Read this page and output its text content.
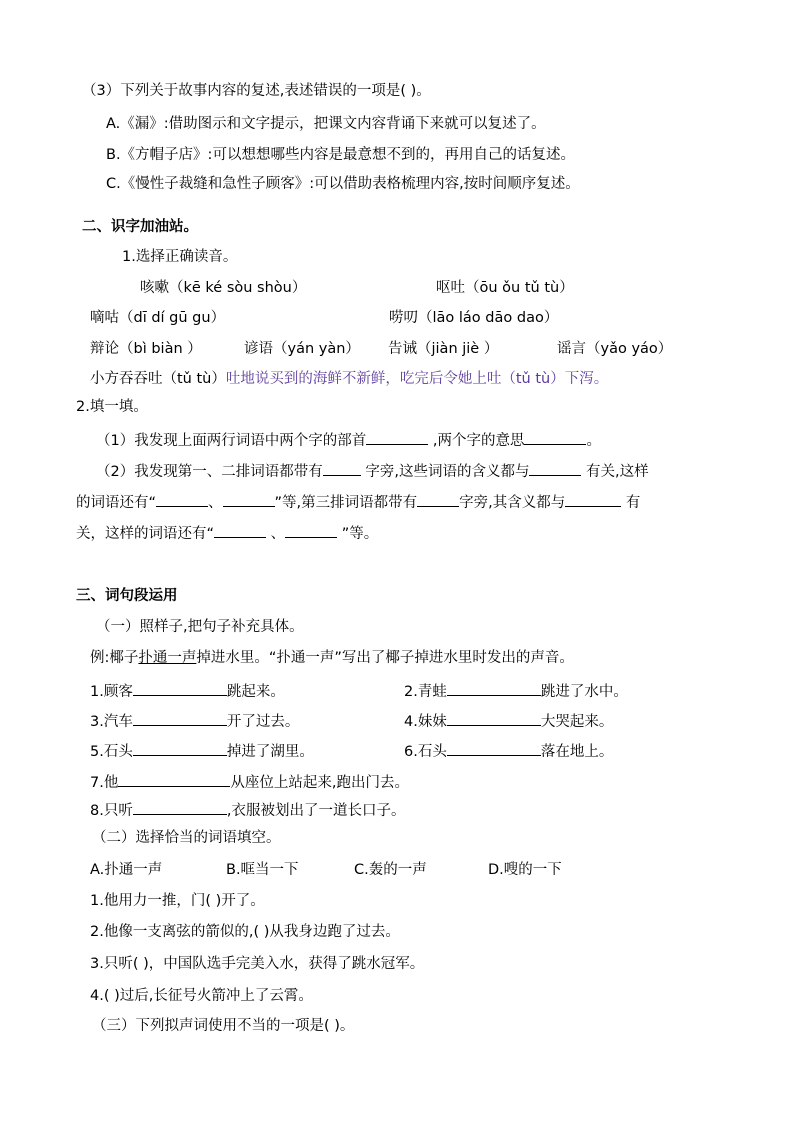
（3）下列关于故事内容的复述,表述错误的一项是( )。
A.《漏》:借助图示和文字提示，把课文内容背诵下来就可以复述了。
B.《方帽子店》:可以想想哪些内容是最意想不到的，再用自己的话复述。
C.《慢性子裁缝和急性子顾客》:可以借助表格梳理内容,按时间顺序复述。
二、识字加油站。
1.选择正确读音。
咳嗽（kē ké sòu shòu）	呕吐（ōu ǒu tǔ tù）
嘀咕（dī dí gū gu）	唠叨（lāo láo dāo dao）
辩论（bì biàn ）	谚语（yán yàn） 告诫（jiàn jiè ）	谣言（yǎo yáo）
小方吞吞吐（tǔ tù）吐地说买到的海鲜不新鲜，吃完后令她上吐（tǔ tù）下泻。
2.填一填。
（1）我发现上面两行词语中两个字的部首	,两个字的意思	。
（2）我发现第一、二排词语都带有	字旁,这些词语的含义都与	有关,这样
的词语还有“	、	”等,第三排词语都带有	字旁,其含义都与	有
关，这样的词语还有“	、	”等。
三、词句段运用
（一）照样子,把句子补充具体。
例:椰子扑通一声掉进水里。“扑通一声”写出了椰子掉进水里时发出的声音。
1.顾客	跳起来。	2.青蛙	跳进了水中。
3.汽车	开了过去。	4.妹妹	大哭起来。
5.石头	掉进了湖里。	6.石头	落在地上。
7.他	从座位上站起来,跑出门去。
8.只听	,衣服被划出了一道长口子。
（二）选择恰当的词语填空。
A.扑通一声	B.哐当一下	C.轰的一声	D.嗖的一下
1.他用力一推，门( )开了。
2.他像一支离弦的箭似的,( )从我身边跑了过去。
3.只听( )，中国队选手完美入水，获得了跳水冠军。
4.( )过后,长征号火箭冲上了云霄。
（三）下列拟声词使用不当的一项是( )。
